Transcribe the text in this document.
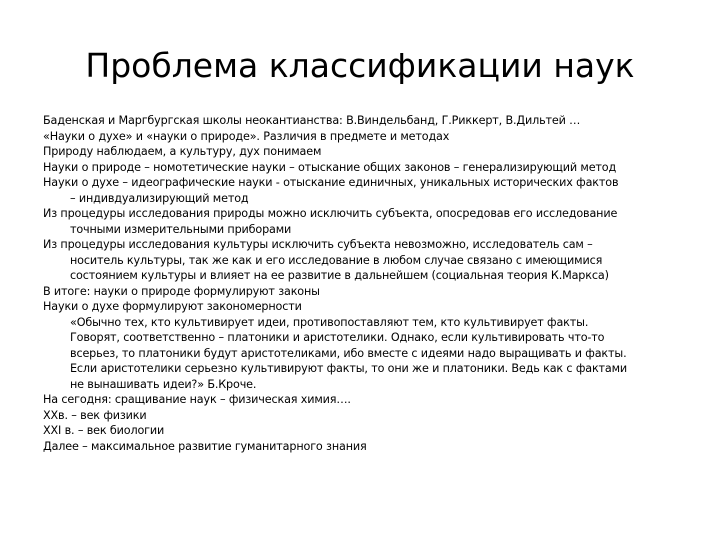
Проблема классификации наук
Баденская и Маргбургская школы неокантианства: В.Виндельбанд, Г.Риккерт, В.Дильтей …
«Науки о духе» и «науки о природе». Различия в предмете и методах
Природу наблюдаем, а культуру, дух понимаем
Науки о природе – номотетические науки – отыскание общих законов – генерализирующий метод
Науки о духе – идеографические науки - отыскание единичных, уникальных исторических фактов
– индивдуализирующий метод
Из процедуры исследования природы можно исключить субъекта, опосредовав его исследование
точными измерительными приборами
Из процедуры исследования культуры исключить субъекта невозможно, исследователь сам –
носитель культуры, так же как и его исследование в любом случае связано с имеющимися
состоянием культуры и влияет на ее развитие в дальнейшем (социальная теория К.Маркса)
В итоге: науки о природе формулируют законы
Науки о духе формулируют закономерности
«Обычно тех, кто культивирует идеи, противопоставляют тем, кто культивирует факты.
Говорят, соответственно – платоники и аристотелики. Однако, если культивировать что-то
всерьез, то платоники будут аристотеликами, ибо вместе с идеями надо выращивать и факты.
Если аристотелики серьезно культивируют факты, то они же и платоники. Ведь как с фактами
не вынашивать идеи?» Б.Кроче.
На сегодня: сращивание наук – физическая химия….
XXв. – век физики
XXI в. – век биологии
Далее – максимальное развитие гуманитарного знания
